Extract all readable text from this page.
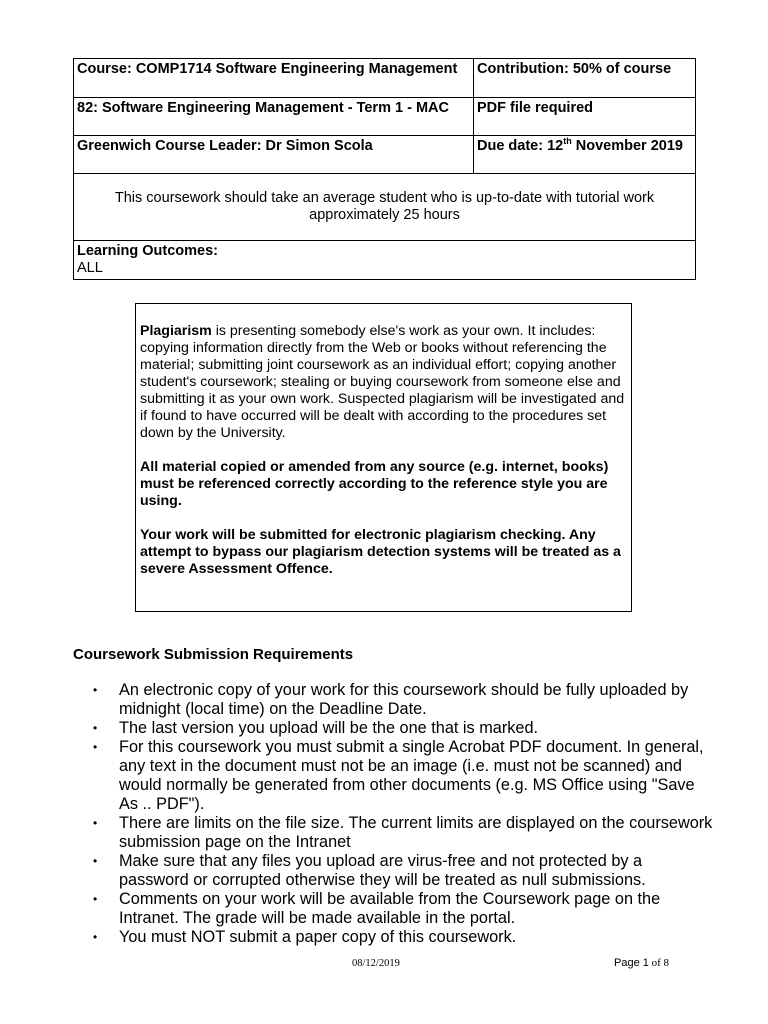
Course: COMP1714 Software Engineering Management	Contribution: 50% of course
82: Software Engineering Management - Term 1 - MAC	PDF file required
Greenwich Course Leader: Dr Simon Scola	Due date: 12th November 2019
This coursework should take an average student who is up-to-date with tutorial work approximately 25 hours	

Learning Outcomes:
ALL	

Plagiarism is presenting somebody else's work as your own. It includes: copying information directly from the Web or books without referencing the material; submitting joint coursework as an individual effort; copying another student's coursework; stealing or buying coursework from someone else and submitting it as your own work. Suspected plagiarism will be investigated and if found to have occurred will be dealt with according to the procedures set down by the University.

All material copied or amended from any source (e.g. internet, books) must be referenced correctly according to the reference style you are using.

Your work will be submitted for electronic plagiarism checking. Any attempt to bypass our plagiarism detection systems will be treated as a severe Assessment Offence.

Coursework Submission Requirements
• An electronic copy of your work for this coursework should be fully uploaded by midnight (local time) on the Deadline Date.
• The last version you upload will be the one that is marked.
• For this coursework you must submit a single Acrobat PDF document. In general, any text in the document must not be an image (i.e. must not be scanned) and would normally be generated from other documents (e.g. MS Office using "Save As .. PDF").
• There are limits on the file size. The current limits are displayed on the coursework submission page on the Intranet
• Make sure that any files you upload are virus-free and not protected by a password or corrupted otherwise they will be treated as null submissions.
• Comments on your work will be available from the Coursework page on the Intranet. The grade will be made available in the portal.
• You must NOT submit a paper copy of this coursework.
08/12/2019	Page 1 of 8
